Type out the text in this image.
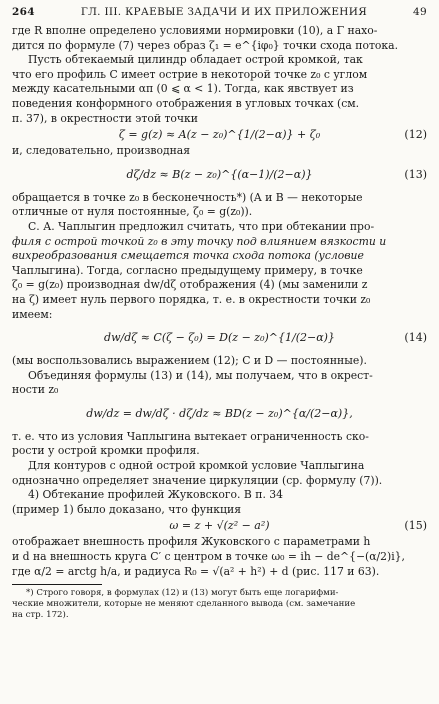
264	ГЛ. III. КРАЕВЫЕ ЗАДАЧИ И ИХ ПРИЛОЖЕНИЯ	49

где R вполне определено условиями нормировки (10), а Γ нахо-

дится по формуле (7) через образ ζ₁ = e^{iφ₀} точки схода потока.

Пусть обтекаемый цилиндр обладает острой кромкой, так

что его профиль C имеет острие в некоторой точке z₀ с углом

между касательными απ (0 ⩽ α < 1). Тогда, как явствует из

поведения конформного отображения в угловых точках (см.

п. 37), в окрестности этой точки

ζ = g(z) ≈ A(z − z₀)^{1/(2−α)} + ζ₀	(12)

и, следовательно, производная

dζ/dz ≈ B(z − z₀)^{(α−1)/(2−α)}	(13)

обращается в точке z₀ в бесконечность*) (A и B — некоторые

отличные от нуля постоянные, ζ₀ = g(z₀)).

С. А. Чаплыгин предложил считать, что при обтекании про-

филя с острой точкой z₀ в эту точку под влиянием вязкости и

вихреобразования смещается точка схода потока (условие

Чаплыгина). Тогда, согласно предыдущему примеру, в точке

ζ₀ = g(z₀) производная dw/dζ отображения (4) (мы заменили z

на ζ) имеет нуль первого порядка, т. е. в окрестности точки z₀

имеем:

dw/dζ ≈ C(ζ − ζ₀) = D(z − z₀)^{1/(2−α)}	(14)

(мы воспользовались выражением (12); C и D — постоянные).

Объединяя формулы (13) и (14), мы получаем, что в окрест-

ности z₀

dw/dz = dw/dζ · dζ/dz ≈ BD(z − z₀)^{α/(2−α)},

т. е. что из условия Чаплыгина вытекает ограниченность ско-

рости у острой кромки профиля.

Для контуров с одной острой кромкой условие Чаплыгина

однозначно определяет значение циркуляции (ср. формулу (7)).

4) Обтекание профилей Жуковского. В п. 34

(пример 1) было доказано, что функция

ω = z + √(z² − a²)	(15)

отображает внешность профиля Жуковского с параметрами h

и d на внешность круга C′ с центром в точке ω₀ = ih − de^{−(α/2)i},

где α/2 = arctg h/a, и радиуса R₀ = √(a² + h²) + d (рис. 117 и 63).

*) Строго говоря, в формулах (12) и (13) могут быть еще логарифми-

ческие множители, которые не меняют сделанного вывода (см. замечание

на стр. 172).
